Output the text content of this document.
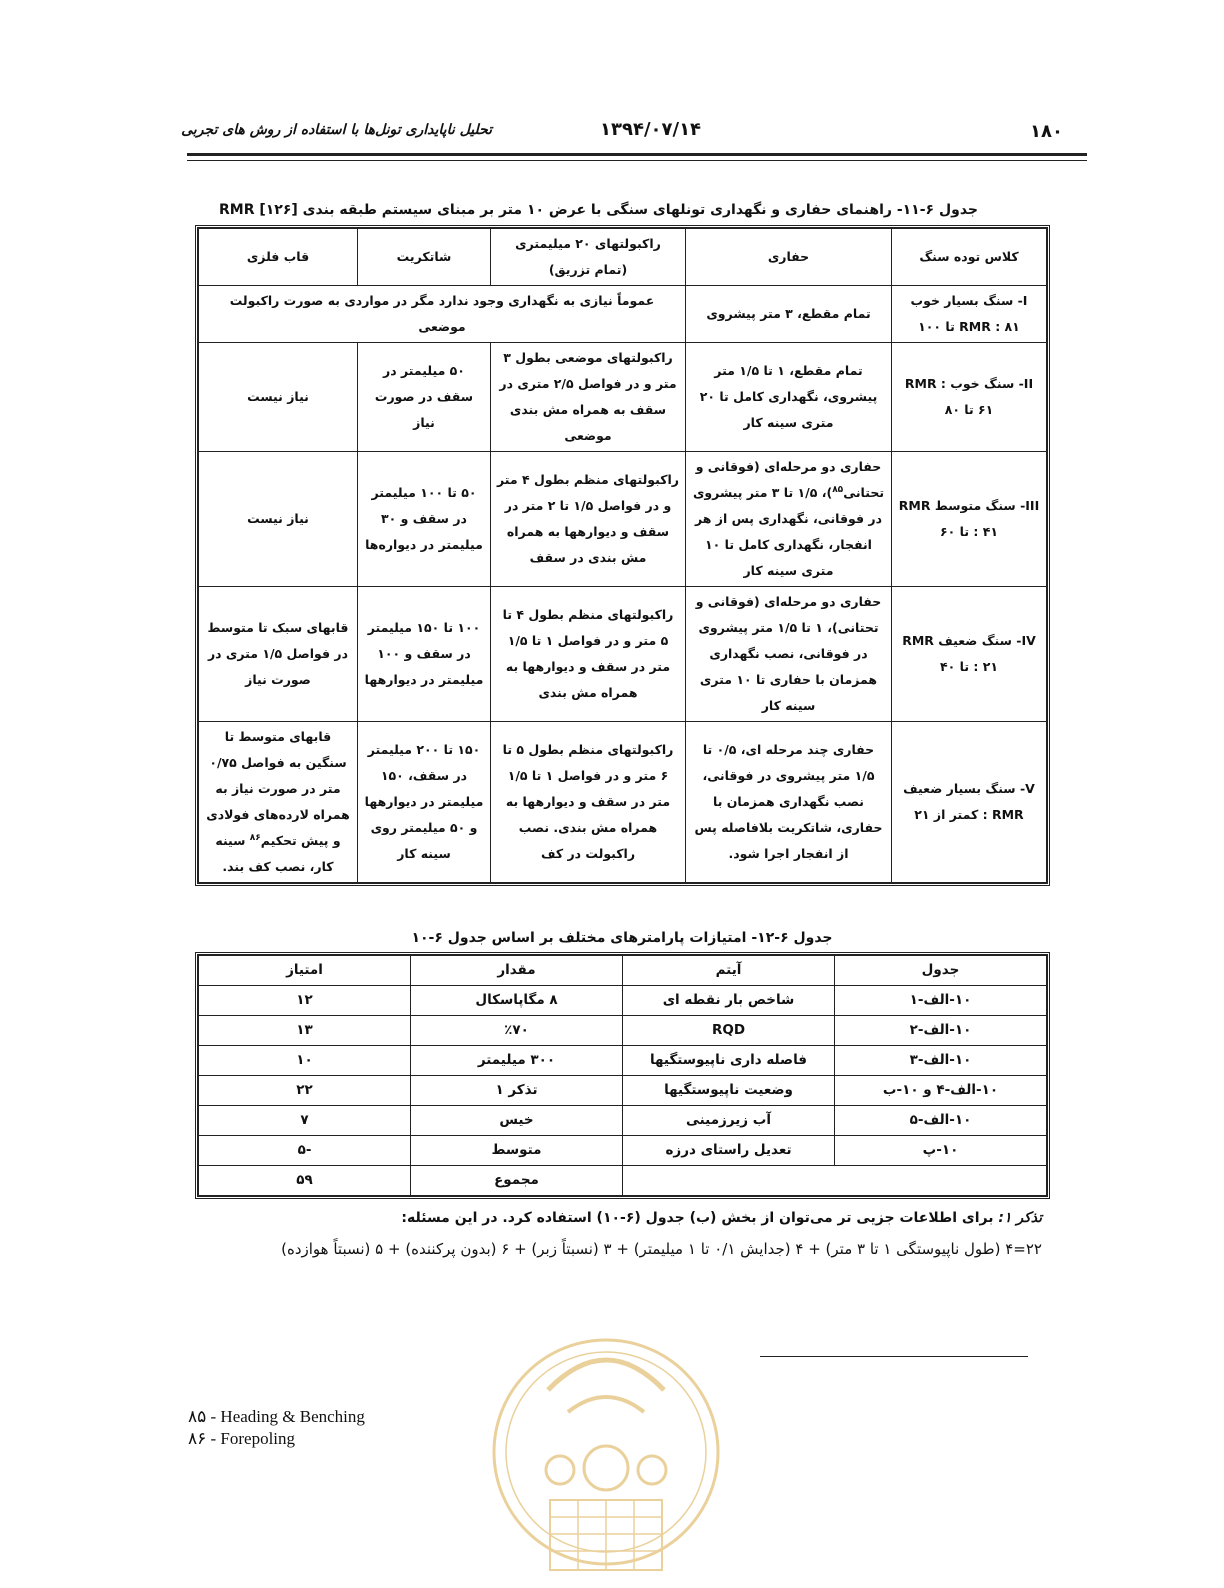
تحلیل ناپایداری تونل‌ها با استفاده از روش های تجربی	۱۳۹۴/۰۷/۱۴	۱۸۰
جدول ۶-۱۱- راهنمای حفاری و نگهداری تونلهای سنگی با عرض ۱۰ متر بر مبنای سیستم طبقه بندی RMR [۱۲۶]
کلاس توده سنگ	حفاری	راکبولتهای ۲۰ میلیمتری (تمام تزریق)	شاتکریت	قاب فلزی
I- سنگ بسیار خوب RMR : ۸۱ تا ۱۰۰	تمام مقطع، ۳ متر پیشروی	عموماً نیازی به نگهداری وجود ندارد مگر در مواردی به صورت راکبولت موضعی		
II- سنگ خوب RMR : ۶۱ تا ۸۰	تمام مقطع، ۱ تا ۱/۵ متر پیشروی، نگهداری کامل تا ۲۰ متری سینه کار	راکبولتهای موضعی بطول ۳ متر و در فواصل ۲/۵ متری در سقف به همراه مش بندی موضعی	۵۰ میلیمتر در سقف در صورت نیاز	نیاز نیست
III- سنگ متوسط RMR : ۴۱ تا ۶۰	حفاری دو مرحله‌ای (فوقانی و تحتانی$^{۸۵}$)، ۱/۵ تا ۳ متر پیشروی در فوقانی، نگهداری پس از هر انفجار، نگهداری کامل تا ۱۰ متری سینه کار	راکبولتهای منظم بطول ۴ متر و در فواصل ۱/۵ تا ۲ متر در سقف و دیوارهها به همراه مش بندی در سقف	۵۰ تا ۱۰۰ میلیمتر در سقف و ۳۰ میلیمتر در دیواره‌ها	نیاز نیست
IV- سنگ ضعیف RMR : ۲۱ تا ۴۰	حفاری دو مرحله‌ای (فوقانی و تحتانی)، ۱ تا ۱/۵ متر پیشروی در فوقانی، نصب نگهداری همزمان با حفاری تا ۱۰ متری سینه کار	راکبولتهای منظم بطول ۴ تا ۵ متر و در فواصل ۱ تا ۱/۵ متر در سقف و دیوارهها به همراه مش بندی	۱۰۰ تا ۱۵۰ میلیمتر در سقف و ۱۰۰ میلیمتر در دیوارهها	قابهای سبک تا متوسط در فواصل ۱/۵ متری در صورت نیاز
V- سنگ بسیار ضعیف RMR : کمتر از ۲۱	حفاری چند مرحله ای، ۰/۵ تا ۱/۵ متر پیشروی در فوقانی، نصب نگهداری همزمان با حفاری، شاتکریت بلافاصله پس از انفجار اجرا شود.	راکبولتهای منظم بطول ۵ تا ۶ متر و در فواصل ۱ تا ۱/۵ متر در سقف و دیوارهها به همراه مش بندی. نصب راکبولت در کف	۱۵۰ تا ۲۰۰ میلیمتر در سقف، ۱۵۰ میلیمتر در دیوارهها و ۵۰ میلیمتر روی سینه کار	قابهای متوسط تا سنگین به فواصل ۰/۷۵ متر در صورت نیاز به همراه لارده‌های فولادی و پیش تحکیم$^{۸۶}$ سینه کار، نصب کف بند.
جدول ۶-۱۲- امتیازات پارامترهای مختلف بر اساس جدول ۶-۱۰
جدول	آیتم	مقدار	امتیاز
۱۰-الف-۱	شاخص بار نقطه ای	۸ مگاپاسکال	۱۲
۱۰-الف-۲	RQD	٪۷۰	۱۳
۱۰-الف-۳	فاصله داری ناپیوستگیها	۳۰۰ میلیمتر	۱۰
۱۰-الف-۴ و ۱۰-ب	وضعیت ناپیوستگیها	تذکر ۱	۲۲
۱۰-الف-۵	آب زیرزمینی	خیس	۷
۱۰-پ	تعدیل راستای درزه	متوسط	-۵
		مجموع	۵۹
تذکر ۱: برای اطلاعات جزیی تر می‌توان از بخش (ب) جدول (۶-۱۰) استفاده کرد. در این مسئله:
۲۲=۴ (طول ناپیوستگی ۱ تا ۳ متر) + ۴ (جدایش ۰/۱ تا ۱ میلیمتر) + ۳ (نسبتاً زبر) + ۶ (بدون پرکننده) + ۵ (نسبتاً هوازده)
۸۵ - Heading & Benching
۸۶ - Forepoling
